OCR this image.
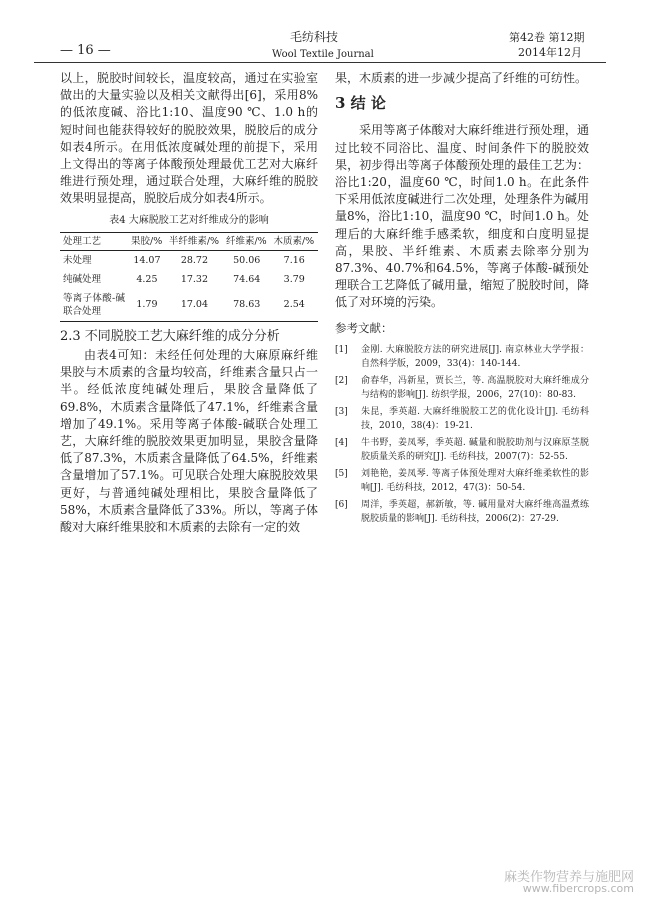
— 16 —
毛纺科技
Wool Textile Journal
第42卷 第12期
2014年12月

以上，脱胶时间较长，温度较高，通过在实验室做出的大量实验以及相关文献得出[6]，采用8%的低浓度碱、浴比1:10、温度90 ℃、1.0 h的短时间也能获得较好的脱胶效果，脱胶后的成分如表4所示。在用低浓度碱处理的前提下，采用上文得出的等离子体酸预处理最优工艺对大麻纤维进行预处理，通过联合处理，大麻纤维的脱胶效果明显提高，脱胶后成分如表4所示。

表4 大麻脱胶工艺对纤维成分的影响
处理工艺	果胶/%	半纤维素/%	纤维素/%	木质素/%
未处理	14.07	28.72	50.06	7.16
纯碱处理	4.25	17.32	74.64	3.79
等离子体酸-碱联合处理	1.79	17.04	78.63	2.54
2.3 不同脱胶工艺大麻纤维的成分分析

由表4可知：未经任何处理的大麻原麻纤维果胶与木质素的含量均较高，纤维素含量只占一半。经低浓度纯碱处理后，果胶含量降低了69.8%，木质素含量降低了47.1%，纤维素含量增加了49.1%。采用等离子体酸-碱联合处理工艺，大麻纤维的脱胶效果更加明显，果胶含量降低了87.3%，木质素含量降低了64.5%，纤维素含量增加了57.1%。可见联合处理大麻脱胶效果更好，与普通纯碱处理相比，果胶含量降低了58%，木质素含量降低了33%。所以，等离子体酸对大麻纤维果胶和木质素的去除有一定的效

果，木质素的进一步减少提高了纤维的可纺性。

3 结 论

采用等离子体酸对大麻纤维进行预处理，通过比较不同浴比、温度、时间条件下的脱胶效果，初步得出等离子体酸预处理的最佳工艺为：浴比1:20，温度60 ℃，时间1.0 h。在此条件下采用低浓度碱进行二次处理，处理条件为碱用量8%，浴比1:10，温度90 ℃，时间1.0 h。处理后的大麻纤维手感柔软，细度和白度明显提高，果胶、半纤维素、木质素去除率分别为87.3%、40.7%和64.5%，等离子体酸-碱预处理联合工艺降低了碱用量，缩短了脱胶时间，降低了对环境的污染。

参考文献：
[1]	金刚. 大麻脱胶方法的研究进展[J]. 南京林业大学学报：自然科学版，2009，33(4)：140-144.
[2]	俞春华，冯新星，贾长兰，等. 高温脱胶对大麻纤维成分与结构的影响[J]. 纺织学报，2006，27(10)：80-83.
[3]	朱昆，季英超. 大麻纤维脱胶工艺的优化设计[J]. 毛纺科技，2010，38(4)：19-21.
[4]	牛书野，姜凤琴，季英超. 碱量和脱胶助剂与汉麻原茎脱胶质量关系的研究[J]. 毛纺科技，2007(7)：52-55.
[5]	刘艳艳，姜凤琴. 等离子体预处理对大麻纤维柔软性的影响[J]. 毛纺科技，2012，47(3)：50-54.
[6]	周洋，季英超，郝新敏，等. 碱用量对大麻纤维高温煮练脱胶质量的影响[J]. 毛纺科技，2006(2)：27-29.
麻类作物营养与施肥网
www.fibercrops.com
